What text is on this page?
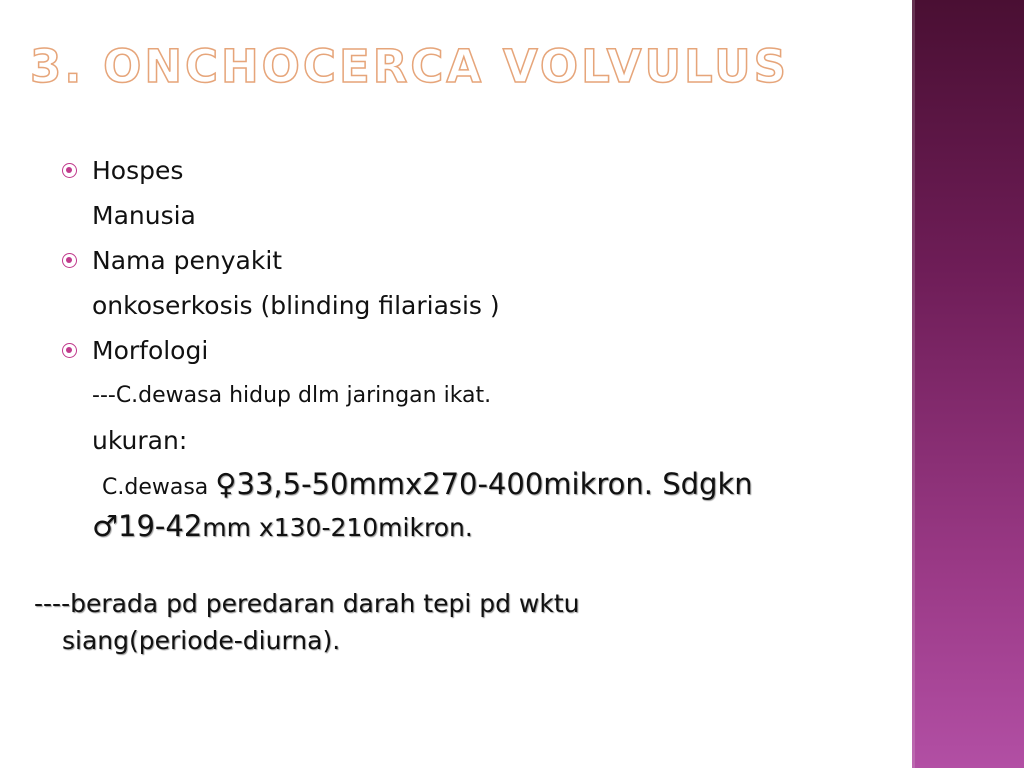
3. ONCHOCERCA VOLVULUS
Hospes
Manusia
Nama penyakit
onkoserkosis (blinding filariasis )
Morfologi
---C.dewasa hidup dlm jaringan ikat.
ukuran:
C.dewasa ♀33,5-50mmx270-400mikron. Sdgkn
♂19-42mm x130-210mikron.
----berada pd peredaran darah tepi pd wktu siang(periode-diurna).
